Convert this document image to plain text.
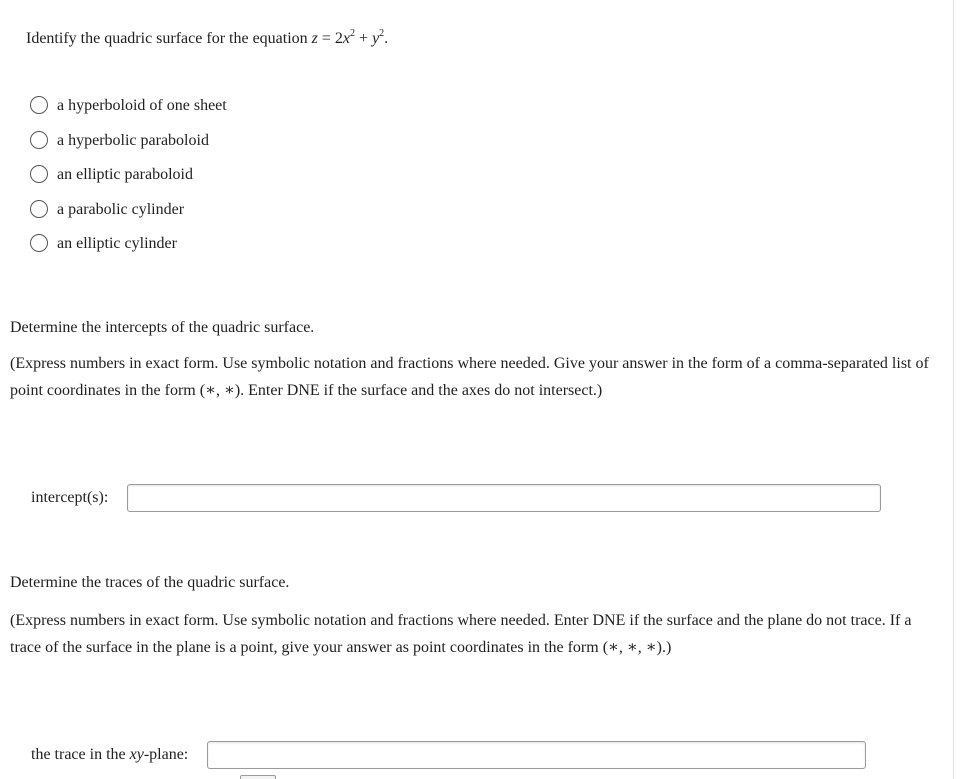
Identify the quadric surface for the equation $z = 2x^2 + y^2$.
a hyperboloid of one sheet
a hyperbolic paraboloid
an elliptic paraboloid
a parabolic cylinder
an elliptic cylinder
Determine the intercepts of the quadric surface.
(Express numbers in exact form. Use symbolic notation and fractions where needed. Give your answer in the form of a comma-separated list of point coordinates in the form (∗, ∗). Enter DNE if the surface and the axes do not intersect.)
intercept(s):
Determine the traces of the quadric surface.
(Express numbers in exact form. Use symbolic notation and fractions where needed. Enter DNE if the surface and the plane do not trace. If a trace of the surface in the plane is a point, give your answer as point coordinates in the form (∗, ∗, ∗).)
the trace in the xy-plane:
